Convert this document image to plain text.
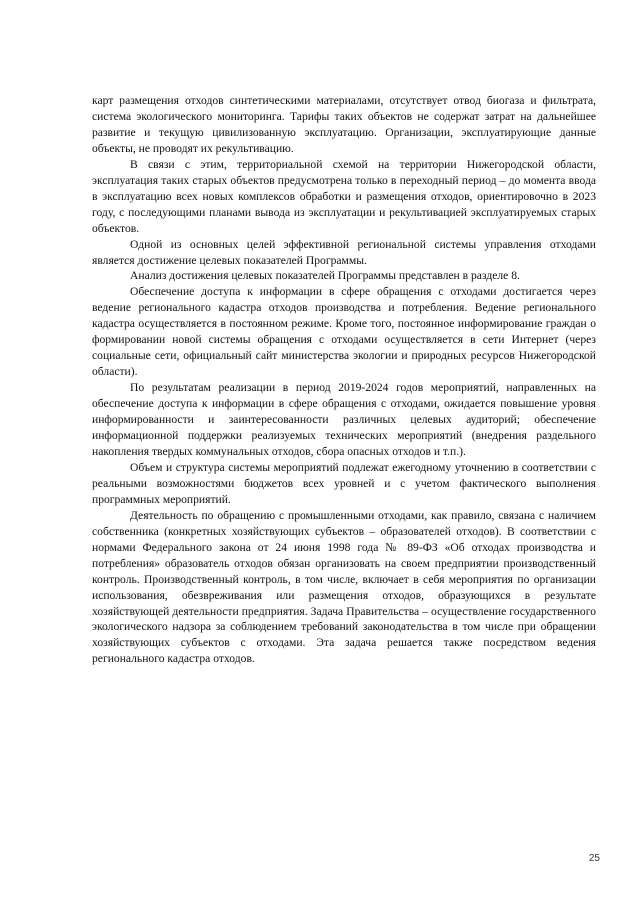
карт размещения отходов синтетическими материалами, отсутствует отвод биогаза и фильтрата, система экологического мониторинга. Тарифы таких объектов не содержат затрат на дальнейшее развитие и текущую цивилизованную эксплуатацию. Организации, эксплуатирующие данные объекты, не проводят их рекультивацию.

В связи с этим, территориальной схемой на территории Нижегородской области, эксплуатация таких старых объектов предусмотрена только в переходный период – до момента ввода в эксплуатацию всех новых комплексов обработки и размещения отходов, ориентировочно в 2023 году, с последующими планами вывода из эксплуатации и рекультивацией эксплуатируемых старых объектов.

Одной из основных целей эффективной региональной системы управления отходами является достижение целевых показателей Программы.

Анализ достижения целевых показателей Программы представлен в разделе 8.

Обеспечение доступа к информации в сфере обращения с отходами достигается через ведение регионального кадастра отходов производства и потребления. Ведение регионального кадастра осуществляется в постоянном режиме. Кроме того, постоянное информирование граждан о формировании новой системы обращения с отходами осуществляется в сети Интернет (через социальные сети, официальный сайт министерства экологии и природных ресурсов Нижегородской области).

По результатам реализации в период 2019-2024 годов мероприятий, направленных на обеспечение доступа к информации в сфере обращения с отходами, ожидается повышение уровня информированности и заинтересованности различных целевых аудиторий; обеспечение информационной поддержки реализуемых технических мероприятий (внедрения раздельного накопления твердых коммунальных отходов, сбора опасных отходов и т.п.).

Объем и структура системы мероприятий подлежат ежегодному уточнению в соответствии с реальными возможностями бюджетов всех уровней и с учетом фактического выполнения программных мероприятий.

Деятельность по обращению с промышленными отходами, как правило, связана с наличием собственника (конкретных хозяйствующих субъектов – образователей отходов). В соответствии с нормами Федерального закона от 24 июня 1998 года № 89-ФЗ «Об отходах производства и потребления» образователь отходов обязан организовать на своем предприятии производственный контроль. Производственный контроль, в том числе, включает в себя мероприятия по организации использования, обезвреживания или размещения отходов, образующихся в результате хозяйствующей деятельности предприятия. Задача Правительства – осуществление государственного экологического надзора за соблюдением требований законодательства в том числе при обращении хозяйствующих субъектов с отходами. Эта задача решается также посредством ведения регионального кадастра отходов.

25
